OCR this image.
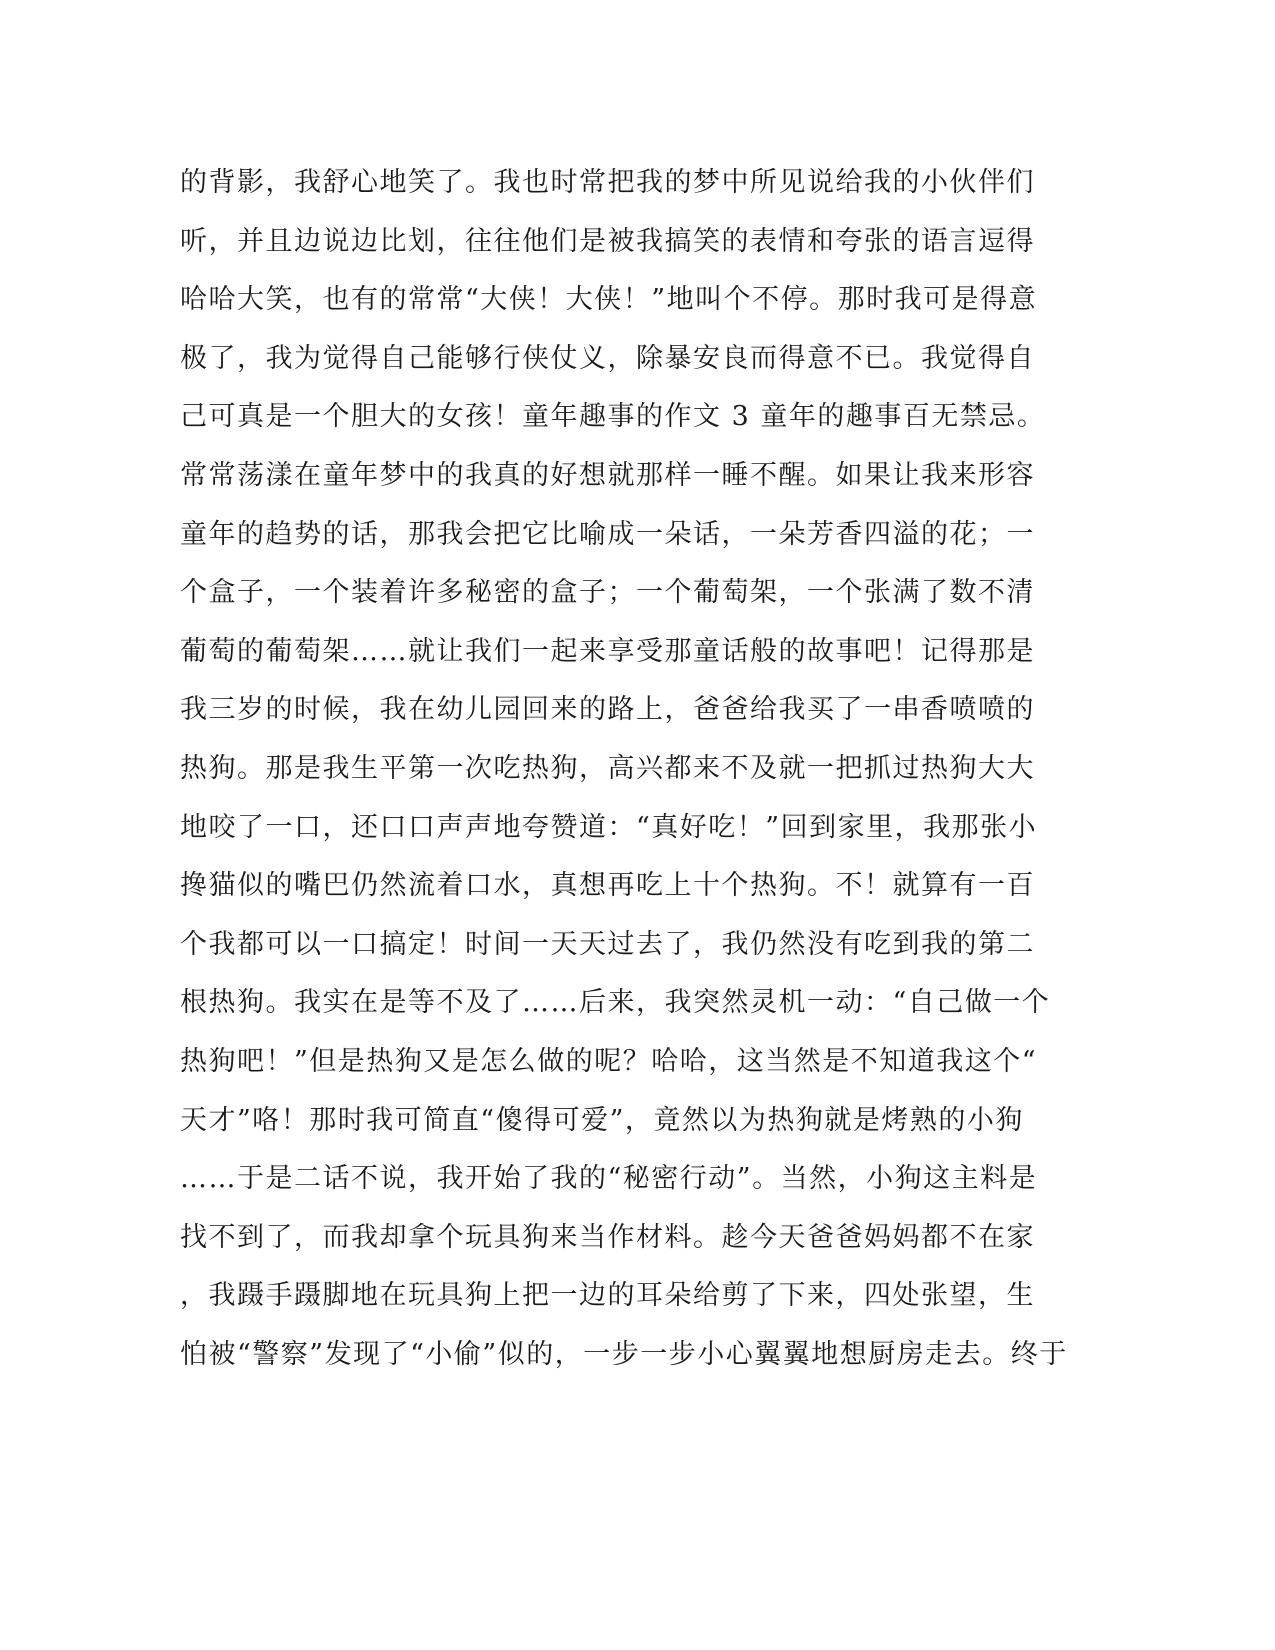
的背影，我舒心地笑了。我也时常把我的梦中所见说给我的小伙伴们
听，并且边说边比划，往往他们是被我搞笑的表情和夸张的语言逗得
哈哈大笑，也有的常常“大侠！大侠！”地叫个不停。那时我可是得意
极了，我为觉得自己能够行侠仗义，除暴安良而得意不已。我觉得自
己可真是一个胆大的女孩！童年趣事的作文 3 童年的趣事百无禁忌。
常常荡漾在童年梦中的我真的好想就那样一睡不醒。如果让我来形容
童年的趋势的话，那我会把它比喻成一朵话，一朵芳香四溢的花；一
个盒子，一个装着许多秘密的盒子；一个葡萄架，一个张满了数不清
葡萄的葡萄架……就让我们一起来享受那童话般的故事吧！记得那是
我三岁的时候，我在幼儿园回来的路上，爸爸给我买了一串香喷喷的
热狗。那是我生平第一次吃热狗，高兴都来不及就一把抓过热狗大大
地咬了一口，还口口声声地夸赞道：“真好吃！”回到家里，我那张小
搀猫似的嘴巴仍然流着口水，真想再吃上十个热狗。不！就算有一百
个我都可以一口搞定！时间一天天过去了，我仍然没有吃到我的第二
根热狗。我实在是等不及了……后来，我突然灵机一动：“自己做一个
热狗吧！”但是热狗又是怎么做的呢？哈哈，这当然是不知道我这个“
天才”咯！那时我可简直“傻得可爱”，竟然以为热狗就是烤熟的小狗
……于是二话不说，我开始了我的“秘密行动”。当然，小狗这主料是
找不到了，而我却拿个玩具狗来当作材料。趁今天爸爸妈妈都不在家
，我蹑手蹑脚地在玩具狗上把一边的耳朵给剪了下来，四处张望，生
怕被“警察”发现了“小偷”似的，一步一步小心翼翼地想厨房走去。终于
